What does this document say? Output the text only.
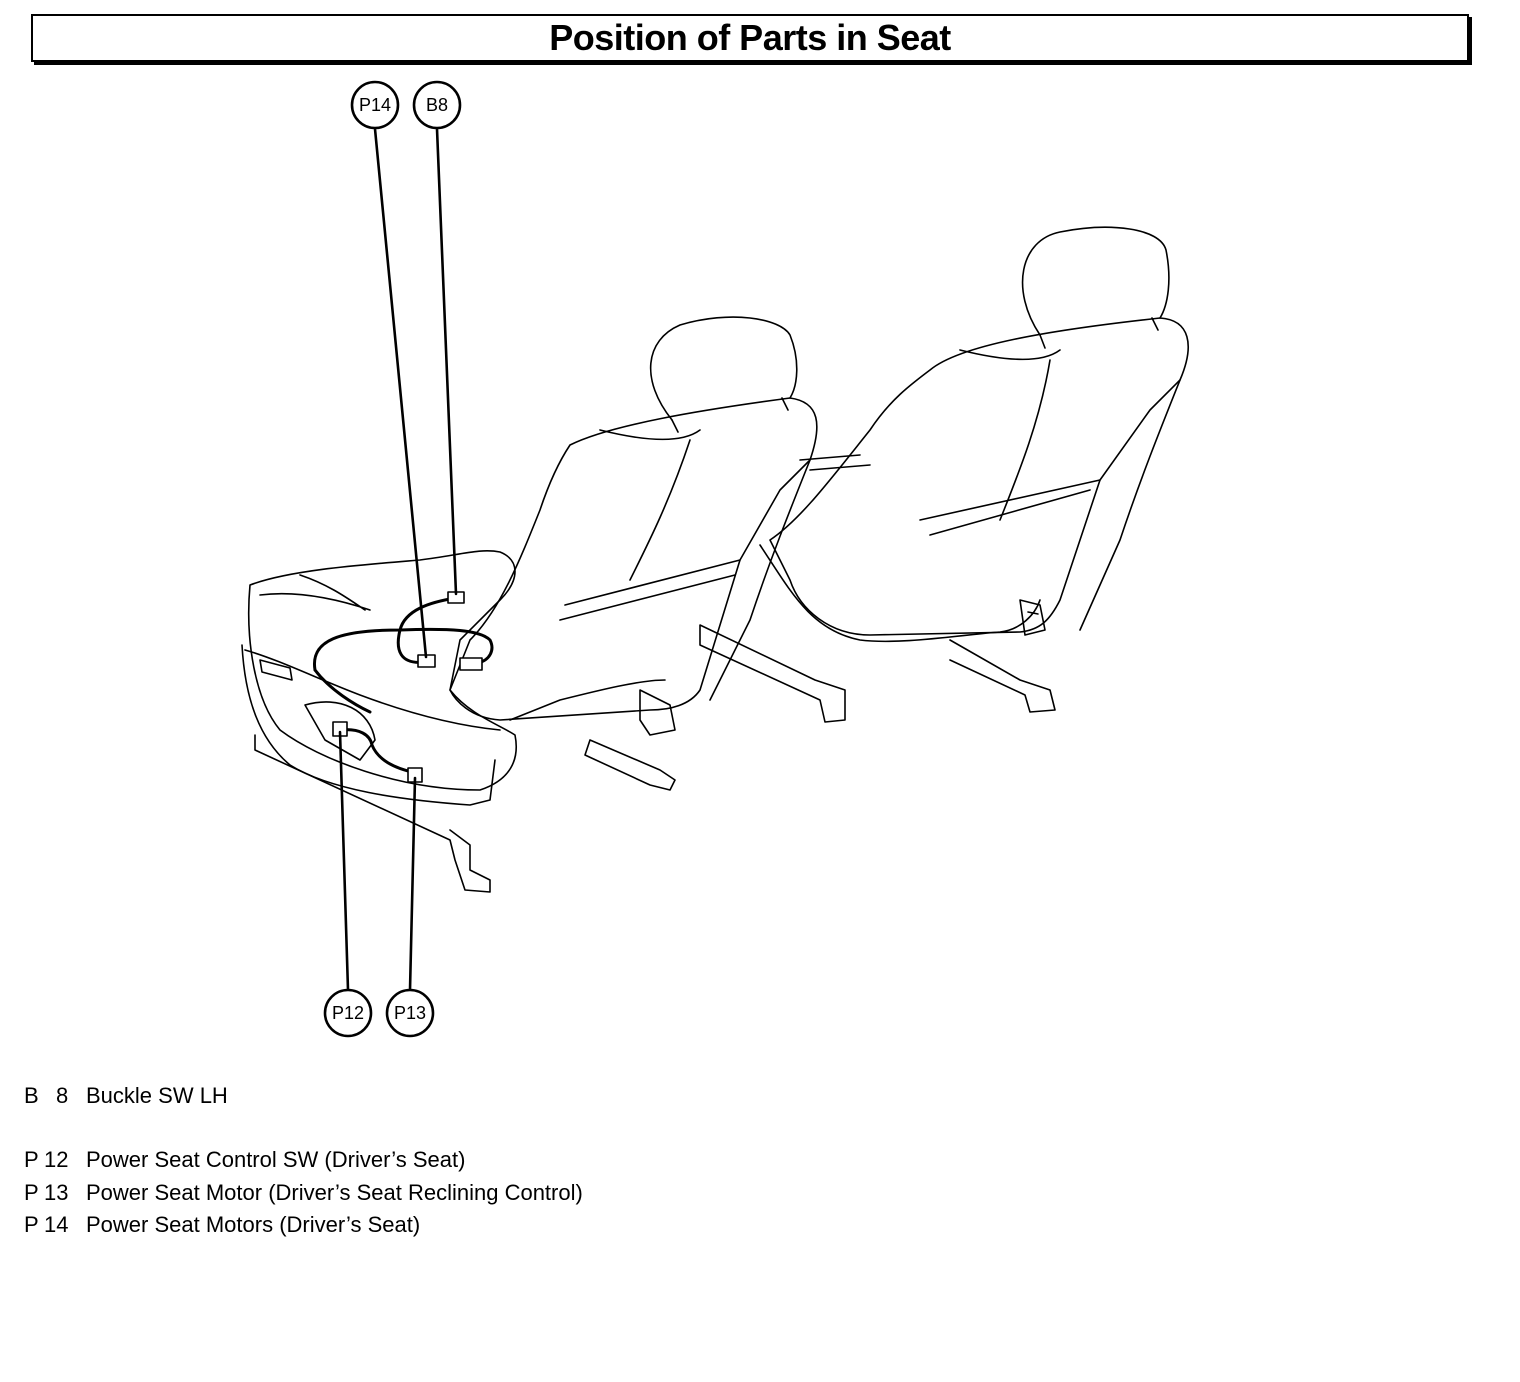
Position of Parts in Seat
P14 B8
P12 P13
B 8 Buckle SW LH
P 12 Power Seat Control SW (Driver’s Seat)
P 13 Power Seat Motor (Driver’s Seat Reclining Control)
P 14 Power Seat Motors (Driver’s Seat)
